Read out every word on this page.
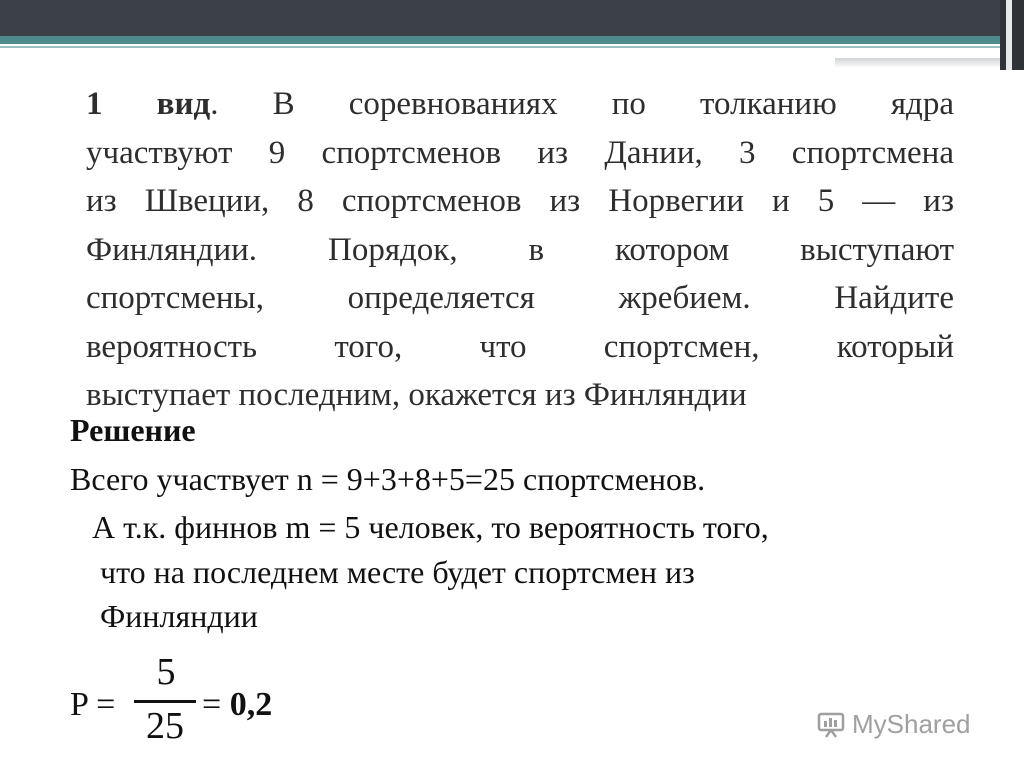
1 вид. В соревнованиях по толканию ядра
участвуют 9 спортсменов из Дании, 3 спортсмена
из Швеции, 8 спортсменов из Норвегии и 5 — из
Финляндии. Порядок, в котором выступают
спортсмены, определяется жребием. Найдите
вероятность того, что спортсмен, который
выступает последним, окажется из Финляндии
Решение
Всего участвует n = 9+3+8+5=25 спортсменов.
А т.к. финнов m = 5 человек, то вероятность того,
что на последнем месте будет спортсмен из
Финляндии
P =
5
25
= 0,2
MyShared
